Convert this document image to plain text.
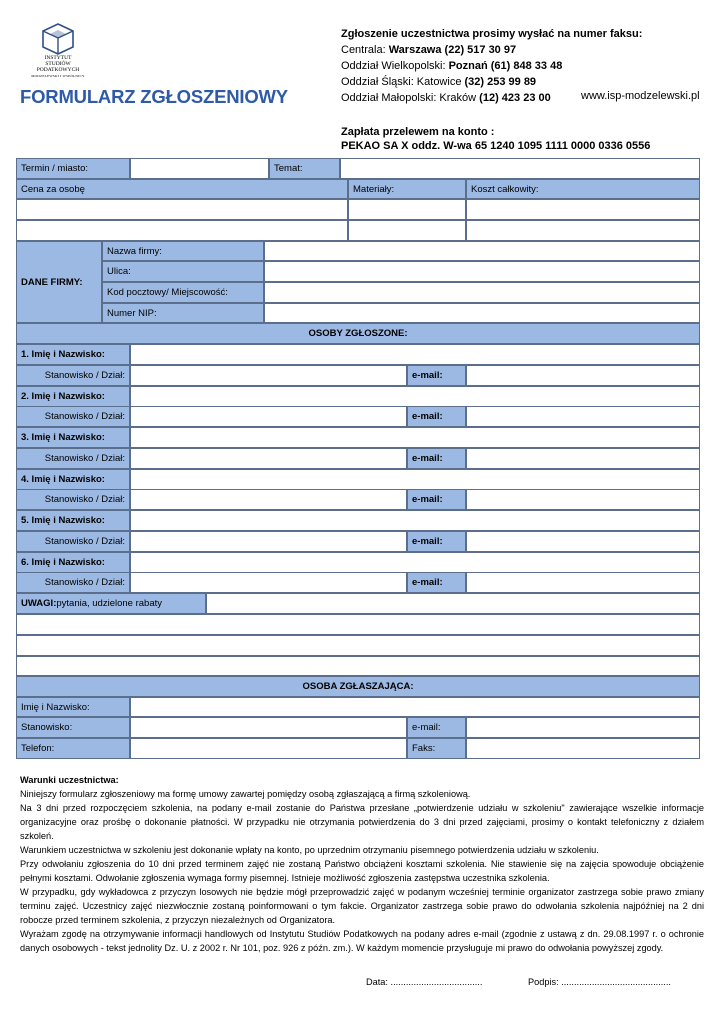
INSTYTUT
STUDIÓW
PODATKOWYCH
MODZELEWSKI I WSPÓLNICY
FORMULARZ ZGŁOSZENIOWY
Zgłoszenie uczestnictwa prosimy wysłać na numer faksu:
Centrala: Warszawa (22) 517 30 97
Oddział Wielkopolski: Poznań (61) 848 33 48
Oddział Śląski: Katowice (32) 253 99 89
Oddział Małopolski: Kraków (12) 423 23 00	www.isp-modzelewski.pl
Zapłata przelewem na konto :
PEKAO SA X oddz. W-wa 65 1240 1095 1111 0000 0336 0556
Termin / miasto:	Temat:
Cena za osobę	Materiały:	Koszt całkowity:
DANE FIRMY:
Nazwa firmy:
Ulica:
Kod pocztowy/ Miejscowość:
Numer NIP:
OSOBY ZGŁOSZONE:
1. Imię i Nazwisko:
Stanowisko / Dział:	e-mail:
2. Imię i Nazwisko:
Stanowisko / Dział:	e-mail:
3. Imię i Nazwisko:
Stanowisko / Dział:	e-mail:
4. Imię i Nazwisko:
Stanowisko / Dział:	e-mail:
5. Imię i Nazwisko:
Stanowisko / Dział:	e-mail:
6. Imię i Nazwisko:
Stanowisko / Dział:	e-mail:
UWAGI: pytania, udzielone rabaty
OSOBA ZGŁASZAJĄCA:
Imię i Nazwisko:
Stanowisko:	e-mail:
Telefon:	Faks:

Warunki uczestnictwa:

Niniejszy formularz zgłoszeniowy ma formę umowy zawartej pomiędzy osobą zgłaszającą a firmą szkoleniową.

Na 3 dni przed rozpoczęciem szkolenia, na podany e-mail zostanie do Państwa przesłane „potwierdzenie udziału w szkoleniu" zawierające wszelkie informacje organizacyjne oraz prośbę o dokonanie płatności. W przypadku nie otrzymania potwierdzenia do 3 dni przed zajęciami, prosimy o kontakt telefoniczny z działem szkoleń.

Warunkiem uczestnictwa w szkoleniu jest dokonanie wpłaty na konto, po uprzednim otrzymaniu pisemnego potwierdzenia udziału w szkoleniu.

Przy odwołaniu zgłoszenia do 10 dni przed terminem zajęć nie zostaną Państwo obciążeni kosztami szkolenia. Nie stawienie się na zajęcia spowoduje obciążenie pełnymi kosztami. Odwołanie zgłoszenia wymaga formy pisemnej. Istnieje możliwość zgłoszenia zastępstwa uczestnika szkolenia.

W przypadku, gdy wykładowca z przyczyn losowych nie będzie mógł przeprowadzić zajęć w podanym wcześniej terminie organizator zastrzega sobie prawo zmiany terminu zajęć. Uczestnicy zajęć niezwłocznie zostaną poinformowani o tym fakcie. Organizator zastrzega sobie prawo do odwołania szkolenia najpóźniej na 2 dni robocze przed terminem szkolenia, z przyczyn niezależnych od Organizatora.

Wyrażam zgodę na otrzymywanie informacji handlowych od Instytutu Studiów Podatkowych na podany adres e-mail (zgodnie z ustawą z dn. 29.08.1997 r. o ochronie danych osobowych - tekst jednolity Dz. U. z 2002 r. Nr 101, poz. 926 z późn. zm.). W każdym momencie przysługuje mi prawo do odwołania powyższej zgody.

Data: ....................................	Podpis: ...........................................
